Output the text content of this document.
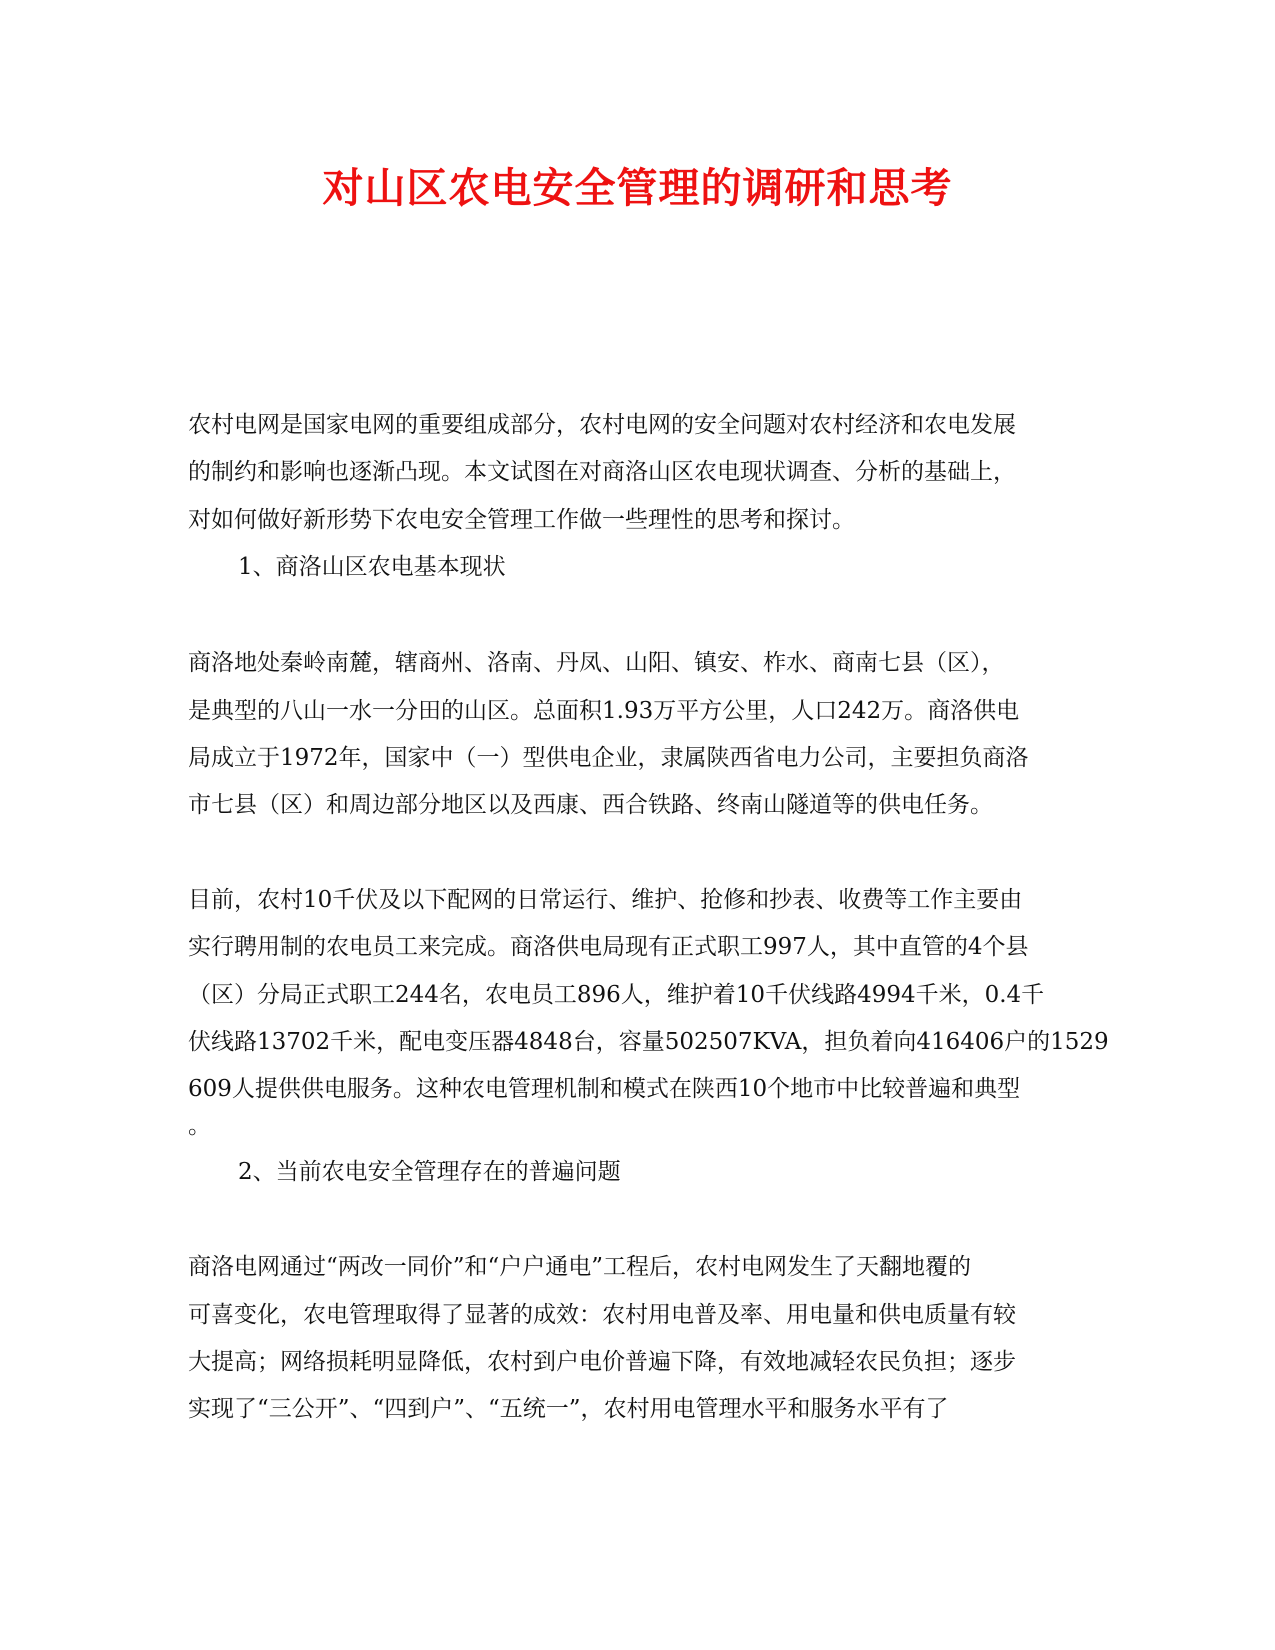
对山区农电安全管理的调研和思考
农村电网是国家电网的重要组成部分，农村电网的安全问题对农村经济和农电发展
的制约和影响也逐渐凸现。本文试图在对商洛山区农电现状调查、分析的基础上，
对如何做好新形势下农电安全管理工作做一些理性的思考和探讨。
1、商洛山区农电基本现状
商洛地处秦岭南麓，辖商州、洛南、丹凤、山阳、镇安、柞水、商南七县（区），
是典型的八山一水一分田的山区。总面积1.93万平方公里，人口242万。商洛供电
局成立于1972年，国家中（一）型供电企业，隶属陕西省电力公司，主要担负商洛
市七县（区）和周边部分地区以及西康、西合铁路、终南山隧道等的供电任务。
目前，农村10千伏及以下配网的日常运行、维护、抢修和抄表、收费等工作主要由
实行聘用制的农电员工来完成。商洛供电局现有正式职工997人，其中直管的4个县
（区）分局正式职工244名，农电员工896人，维护着10千伏线路4994千米，0.4千
伏线路13702千米，配电变压器4848台，容量502507KVA，担负着向416406户的1529
609人提供供电服务。这种农电管理机制和模式在陕西10个地市中比较普遍和典型
。
2、当前农电安全管理存在的普遍问题
商洛电网通过“两改一同价”和“户户通电”工程后，农村电网发生了天翻地覆的
可喜变化，农电管理取得了显著的成效：农村用电普及率、用电量和供电质量有较
大提高；网络损耗明显降低，农村到户电价普遍下降，有效地减轻农民负担；逐步
实现了“三公开”、“四到户”、“五统一”，农村用电管理水平和服务水平有了
